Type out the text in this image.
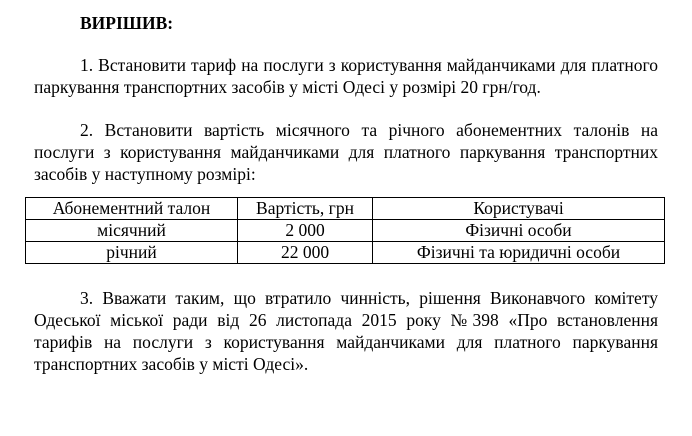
ВИРІШИВ:

1. Встановити тариф на послуги з користування майданчиками для платного паркування транспортних засобів у місті Одесі у розмірі 20 грн/год.

2. Встановити вартість місячного та річного абонементних талонів на послуги з користування майданчиками для платного паркування транспортних засобів у наступному розмірі:

Абонементний талон	Вартість, грн	Користувачі
місячний	2 000	Фізичні особи
річний	22 000	Фізичні та юридичні особи

3. Вважати таким, що втратило чинність, рішення Виконавчого комітету Одеської міської ради від 26 листопада 2015 року №398 «Про встановлення тарифів на послуги з користування майданчиками для платного паркування транспортних засобів у місті Одесі».
